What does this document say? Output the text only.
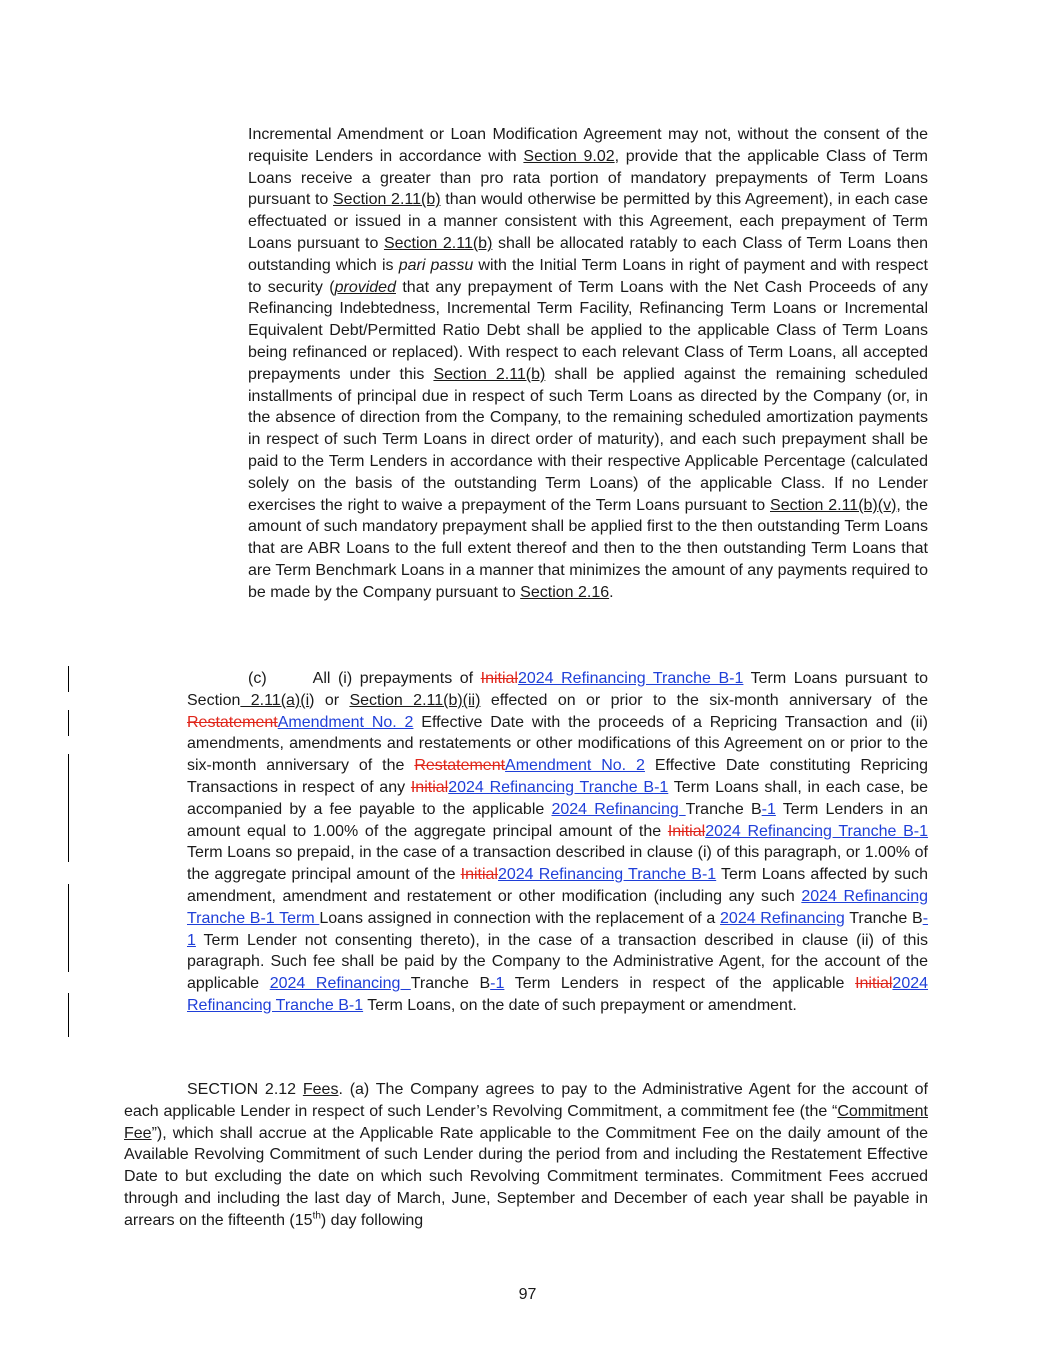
Incremental Amendment or Loan Modification Agreement may not, without the consent of the requisite Lenders in accordance with Section 9.02, provide that the applicable Class of Term Loans receive a greater than pro rata portion of mandatory prepayments of Term Loans pursuant to Section 2.11(b) than would otherwise be permitted by this Agreement), in each case effectuated or issued in a manner consistent with this Agreement, each prepayment of Term Loans pursuant to Section 2.11(b) shall be allocated ratably to each Class of Term Loans then outstanding which is pari passu with the Initial Term Loans in right of payment and with respect to security (provided that any prepayment of Term Loans with the Net Cash Proceeds of any Refinancing Indebtedness, Incremental Term Facility, Refinancing Term Loans or Incremental Equivalent Debt/Permitted Ratio Debt shall be applied to the applicable Class of Term Loans being refinanced or replaced). With respect to each relevant Class of Term Loans, all accepted prepayments under this Section 2.11(b) shall be applied against the remaining scheduled installments of principal due in respect of such Term Loans as directed by the Company (or, in the absence of direction from the Company, to the remaining scheduled amortization payments in respect of such Term Loans in direct order of maturity), and each such prepayment shall be paid to the Term Lenders in accordance with their respective Applicable Percentage (calculated solely on the basis of the outstanding Term Loans) of the applicable Class. If no Lender exercises the right to waive a prepayment of the Term Loans pursuant to Section 2.11(b)(v), the amount of such mandatory prepayment shall be applied first to the then outstanding Term Loans that are ABR Loans to the full extent thereof and then to the then outstanding Term Loans that are Term Benchmark Loans in a manner that minimizes the amount of any payments required to be made by the Company pursuant to Section 2.16.

(c)	All (i) prepayments of Initial2024 Refinancing Tranche B-1 Term Loans pursuant to Section 2.11(a)(i) or Section 2.11(b)(ii) effected on or prior to the six-month anniversary of the RestatementAmendment No. 2 Effective Date with the proceeds of a Repricing Transaction and (ii) amendments, amendments and restatements or other modifications of this Agreement on or prior to the six-month anniversary of the RestatementAmendment No. 2 Effective Date constituting Repricing Transactions in respect of any Initial2024 Refinancing Tranche B-1 Term Loans shall, in each case, be accompanied by a fee payable to the applicable 2024 Refinancing Tranche B-1 Term Lenders in an amount equal to 1.00% of the aggregate principal amount of the Initial2024 Refinancing Tranche B-1 Term Loans so prepaid, in the case of a transaction described in clause (i) of this paragraph, or 1.00% of the aggregate principal amount of the Initial2024 Refinancing Tranche B-1 Term Loans affected by such amendment, amendment and restatement or other modification (including any such 2024 Refinancing Tranche B-1 Term Loans assigned in connection with the replacement of a 2024 Refinancing Tranche B-1 Term Lender not consenting thereto), in the case of a transaction described in clause (ii) of this paragraph. Such fee shall be paid by the Company to the Administrative Agent, for the account of the applicable 2024 Refinancing Tranche B-1 Term Lenders in respect of the applicable Initial2024 Refinancing Tranche B-1 Term Loans, on the date of such prepayment or amendment.

SECTION 2.12 Fees. (a) The Company agrees to pay to the Administrative Agent for the account of each applicable Lender in respect of such Lender’s Revolving Commitment, a commitment fee (the “Commitment Fee”), which shall accrue at the Applicable Rate applicable to the Commitment Fee on the daily amount of the Available Revolving Commitment of such Lender during the period from and including the Restatement Effective Date to but excluding the date on which such Revolving Commitment terminates. Commitment Fees accrued through and including the last day of March, June, September and December of each year shall be payable in arrears on the fifteenth (15th) day following

97
